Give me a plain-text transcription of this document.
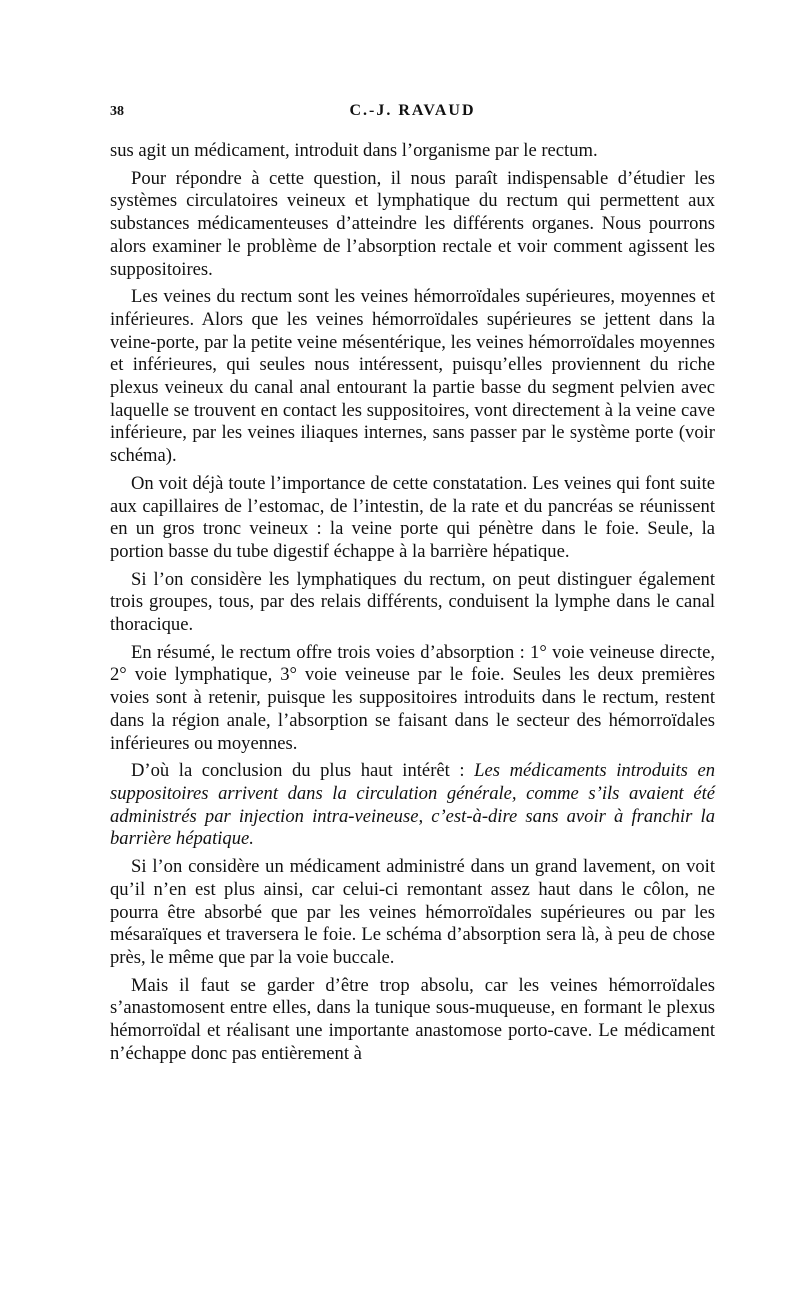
38	C.-J. RAVAUD

sus agit un médicament, introduit dans l’organisme par le rectum.

Pour répondre à cette question, il nous paraît indispensable d’étudier les systèmes circulatoires veineux et lymphatique du rectum qui permettent aux substances médicamenteuses d’atteindre les différents organes. Nous pourrons alors examiner le problème de l’absorption rectale et voir comment agissent les suppositoires.

Les veines du rectum sont les veines hémorroïdales supérieures, moyennes et inférieures. Alors que les veines hémorroïdales supérieures se jettent dans la veine-porte, par la petite veine mésentérique, les veines hémorroïdales moyennes et inférieures, qui seules nous intéressent, puisqu’elles proviennent du riche plexus veineux du canal anal entourant la partie basse du segment pelvien avec laquelle se trouvent en contact les suppositoires, vont directement à la veine cave inférieure, par les veines iliaques internes, sans passer par le système porte (voir schéma).

On voit déjà toute l’importance de cette constatation. Les veines qui font suite aux capillaires de l’estomac, de l’intestin, de la rate et du pancréas se réunissent en un gros tronc veineux : la veine porte qui pénètre dans le foie. Seule, la portion basse du tube digestif échappe à la barrière hépatique.

Si l’on considère les lymphatiques du rectum, on peut distinguer également trois groupes, tous, par des relais différents, conduisent la lymphe dans le canal thoracique.

En résumé, le rectum offre trois voies d’absorption : 1° voie veineuse directe, 2° voie lymphatique, 3° voie veineuse par le foie. Seules les deux premières voies sont à retenir, puisque les suppositoires introduits dans le rectum, restent dans la région anale, l’absorption se faisant dans le secteur des hémorroïdales inférieures ou moyennes.

D’où la conclusion du plus haut intérêt : Les médicaments introduits en suppositoires arrivent dans la circulation générale, comme s’ils avaient été administrés par injection intra-veineuse, c’est-à-dire sans avoir à franchir la barrière hépatique.

Si l’on considère un médicament administré dans un grand lavement, on voit qu’il n’en est plus ainsi, car celui-ci remontant assez haut dans le côlon, ne pourra être absorbé que par les veines hémorroïdales supérieures ou par les mésaraïques et traversera le foie. Le schéma d’absorption sera là, à peu de chose près, le même que par la voie buccale.

Mais il faut se garder d’être trop absolu, car les veines hémorroïdales s’anastomosent entre elles, dans la tunique sous-muqueuse, en formant le plexus hémorroïdal et réalisant une importante anastomose porto-cave. Le médicament n’échappe donc pas entièrement à
